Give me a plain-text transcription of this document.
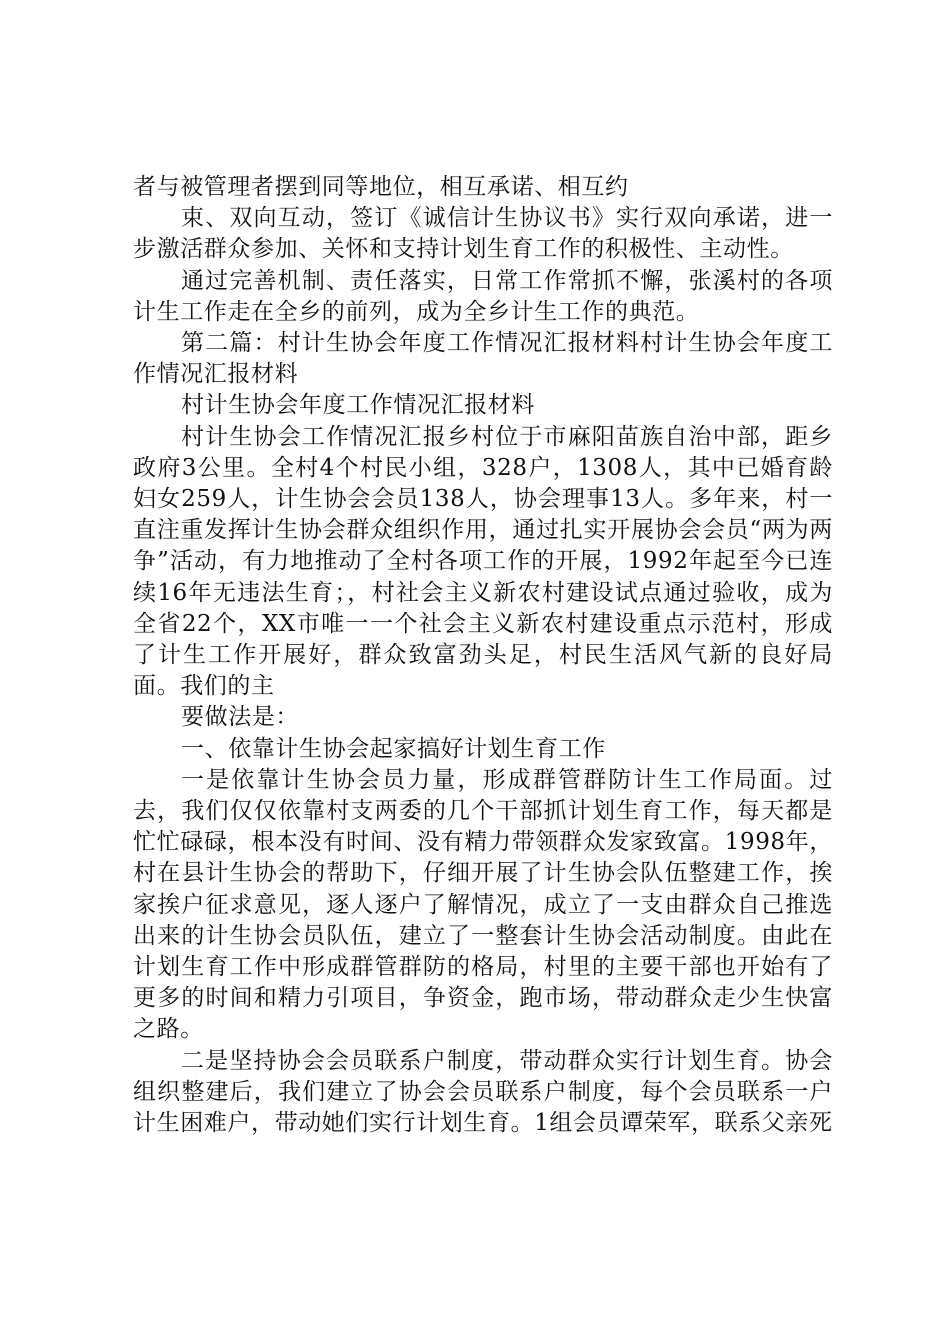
者与被管理者摆到同等地位，相互承诺、相互约

束、双向互动，签订《诚信计生协议书》实行双向承诺，进一步激活群众参加、关怀和支持计划生育工作的积极性、主动性。

通过完善机制、责任落实，日常工作常抓不懈，张溪村的各项计生工作走在全乡的前列，成为全乡计生工作的典范。

第二篇：村计生协会年度工作情况汇报材料村计生协会年度工作情况汇报材料

村计生协会年度工作情况汇报材料

村计生协会工作情况汇报乡村位于市麻阳苗族自治中部，距乡政府3公里。全村4个村民小组，328户，1308人，其中已婚育龄妇女259人，计生协会会员138人，协会理事13人。多年来，村一直注重发挥计生协会群众组织作用，通过扎实开展协会会员“两为两争”活动，有力地推动了全村各项工作的开展，1992年起至今已连续16年无违法生育；，村社会主义新农村建设试点通过验收，成为全省22个，XX市唯一一个社会主义新农村建设重点示范村，形成了计生工作开展好，群众致富劲头足，村民生活风气新的良好局面。我们的主

要做法是：

一、依靠计生协会起家搞好计划生育工作

一是依靠计生协会员力量，形成群管群防计生工作局面。过去，我们仅仅依靠村支两委的几个干部抓计划生育工作，每天都是忙忙碌碌，根本没有时间、没有精力带领群众发家致富。1998年，村在县计生协会的帮助下，仔细开展了计生协会队伍整建工作，挨家挨户征求意见，逐人逐户了解情况，成立了一支由群众自己推选出来的计生协会员队伍，建立了一整套计生协会活动制度。由此在计划生育工作中形成群管群防的格局，村里的主要干部也开始有了更多的时间和精力引项目，争资金，跑市场，带动群众走少生快富之路。

二是坚持协会会员联系户制度，带动群众实行计划生育。协会组织整建后，我们建立了协会会员联系户制度，每个会员联系一户计生困难户，带动她们实行计划生育。1组会员谭荣军，联系父亲死
